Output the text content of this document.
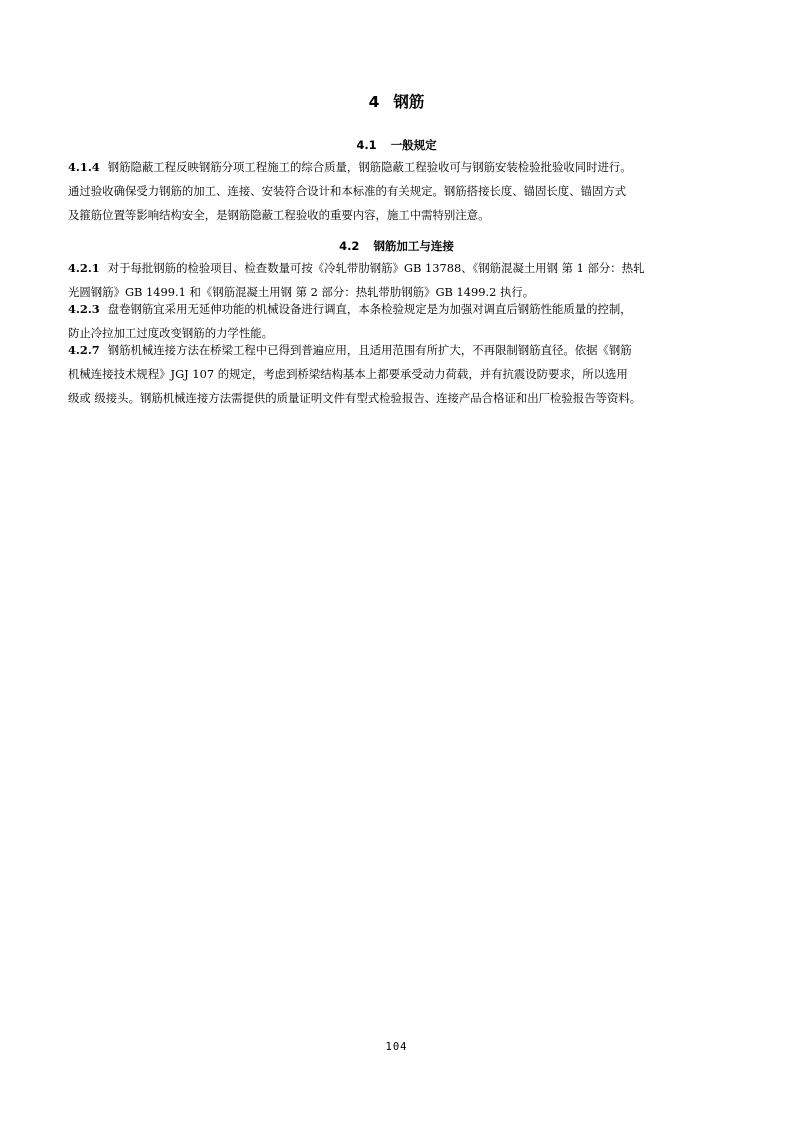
4 钢筋
4.1 一般规定
4.1.4 钢筋隐蔽工程反映钢筋分项工程施工的综合质量，钢筋隐蔽工程验收可与钢筋安装检验批验收同时进行。
通过验收确保受力钢筋的加工、连接、安装符合设计和本标准的有关规定。钢筋搭接长度、锚固长度、锚固方式
及箍筋位置等影响结构安全，是钢筋隐蔽工程验收的重要内容，施工中需特别注意。
4.2 钢筋加工与连接
4.2.1 对于每批钢筋的检验项目、检查数量可按《冷轧带肋钢筋》GB 13788、《钢筋混凝土用钢 第 1 部分：热轧
光圆钢筋》GB 1499.1 和《钢筋混凝土用钢 第 2 部分：热轧带肋钢筋》GB 1499.2 执行。
4.2.3 盘卷钢筋宜采用无延伸功能的机械设备进行调直，本条检验规定是为加强对调直后钢筋性能质量的控制，
防止冷拉加工过度改变钢筋的力学性能。
4.2.7 钢筋机械连接方法在桥梁工程中已得到普遍应用，且适用范围有所扩大，不再限制钢筋直径。依据《钢筋
机械连接技术规程》JGJ 107 的规定，考虑到桥梁结构基本上都要承受动力荷载，并有抗震设防要求，所以选用
级或 级接头。钢筋机械连接方法需提供的质量证明文件有型式检验报告、连接产品合格证和出厂检验报告等资料。
104
